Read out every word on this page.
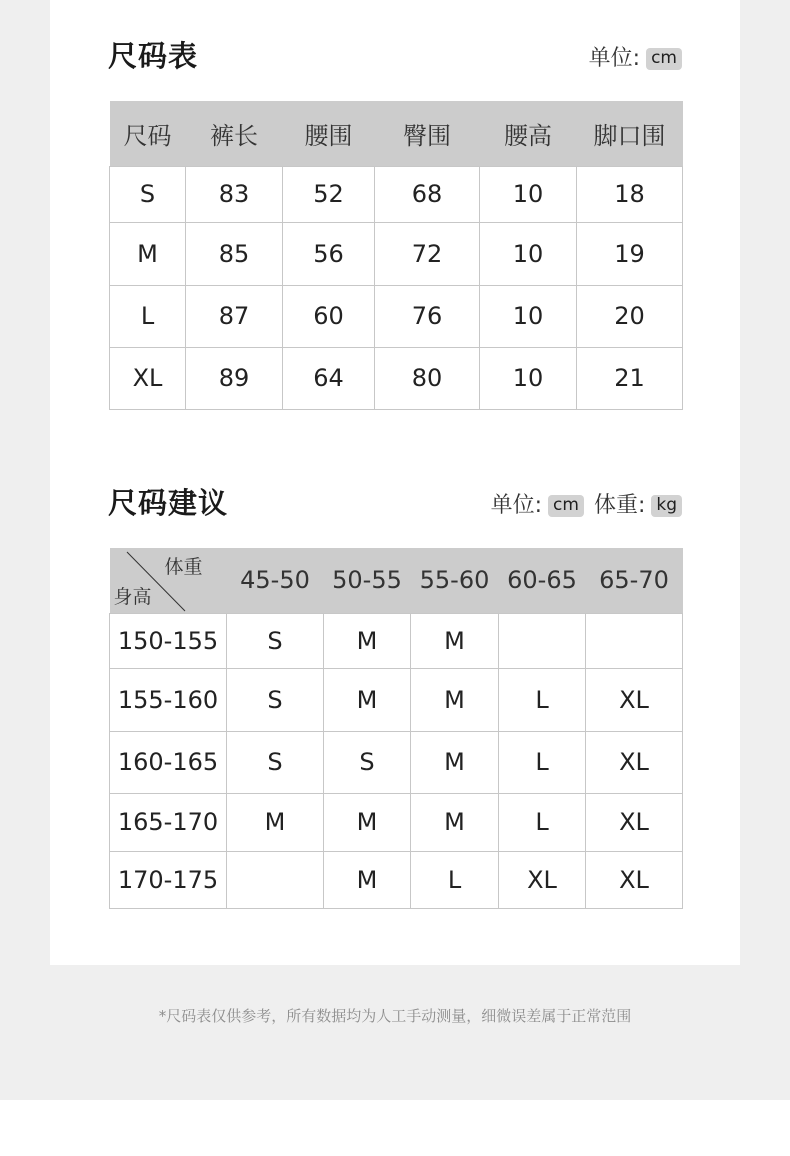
尺码表	单位: cm
尺码	裤长	腰围	臀围	腰高	脚口围
S	83	52	68	10	18
M	85	56	72	10	19
L	87	60	76	10	20
XL	89	64	80	10	21
尺码建议	单位: cm 体重: kg
体重
身高	45-50	50-55	55-60	60-65	65-70
150-155	S	M	M		
155-160	S	M	M	L	XL
160-165	S	S	M	L	XL
165-170	M	M	M	L	XL
170-175		M	L	XL	XL
*尺码表仅供参考，所有数据均为人工手动测量，细微误差属于正常范围
